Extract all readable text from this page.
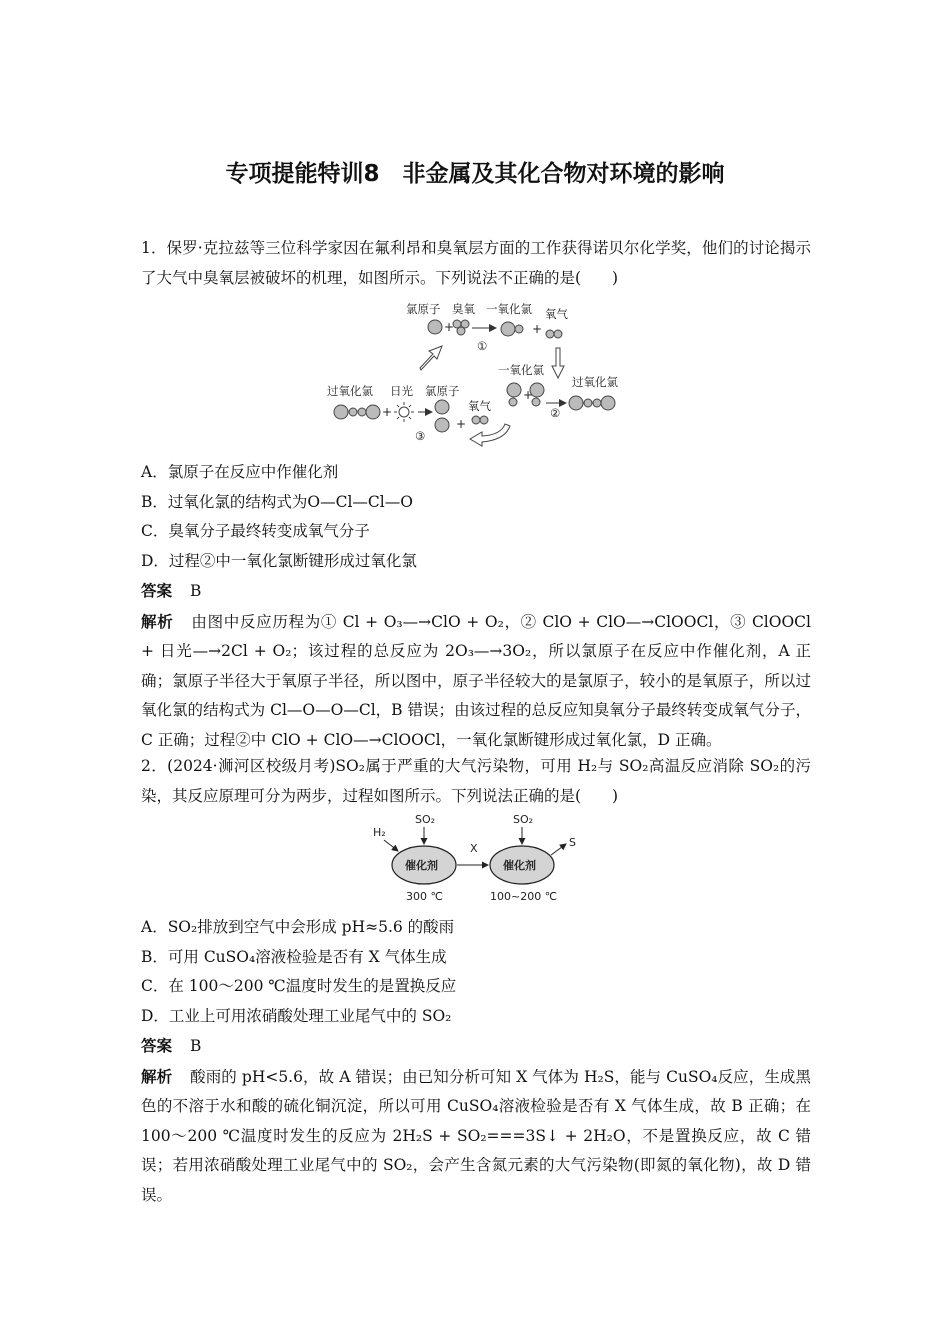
专项提能特训8　非金属及其化合物对环境的影响
1．保罗·克拉兹等三位科学家因在氟利昂和臭氧层方面的工作获得诺贝尔化学奖，他们的讨论揭示了大气中臭氧层被破坏的机理，如图所示。下列说法不正确的是(　　)
氯原子 臭氧 一氧化氯 氧气
一氧化氯
过氧化氯
过氧化氯 日光 氯原子
氧气
①
②
③
+	+
+
+
+
A．氯原子在反应中作催化剂
B．过氧化氯的结构式为O—Cl—Cl—O
C．臭氧分子最终转变成氧气分子
D．过程②中一氧化氯断键形成过氧化氯
答案 B
解析 由图中反应历程为① Cl + O₃—→ClO + O₂，② ClO + ClO—→ClOOCl，③ ClOOCl + 日光—→2Cl + O₂；该过程的总反应为 2O₃—→3O₂，所以氯原子在反应中作催化剂，A 正确；氯原子半径大于氧原子半径，所以图中，原子半径较大的是氯原子，较小的是氧原子，所以过氧化氯的结构式为 Cl—O—O—Cl，B 错误；由该过程的总反应知臭氧分子最终转变成氧气分子，C 正确；过程②中 ClO + ClO—→ClOOCl，一氧化氯断键形成过氧化氯，D 正确。
2．(2024·浉河区校级月考)SO₂属于严重的大气污染物，可用 H₂与 SO₂高温反应消除 SO₂的污染，其反应原理可分为两步，过程如图所示。下列说法正确的是(　　)
催化剂	催化剂
H₂
SO₂	SO₂
X	S
300 ℃	100~200 ℃
A．SO₂排放到空气中会形成 pH≈5.6 的酸雨
B．可用 CuSO₄溶液检验是否有 X 气体生成
C．在 100～200 ℃温度时发生的是置换反应
D．工业上可用浓硝酸处理工业尾气中的 SO₂
答案 B
解析 酸雨的 pH<5.6，故 A 错误；由已知分析可知 X 气体为 H₂S，能与 CuSO₄反应，生成黑色的不溶于水和酸的硫化铜沉淀，所以可用 CuSO₄溶液检验是否有 X 气体生成，故 B 正确；在 100～200 ℃温度时发生的反应为 2H₂S + SO₂===3S↓ + 2H₂O，不是置换反应，故 C 错误；若用浓硝酸处理工业尾气中的 SO₂，会产生含氮元素的大气污染物(即氮的氧化物)，故 D 错误。
